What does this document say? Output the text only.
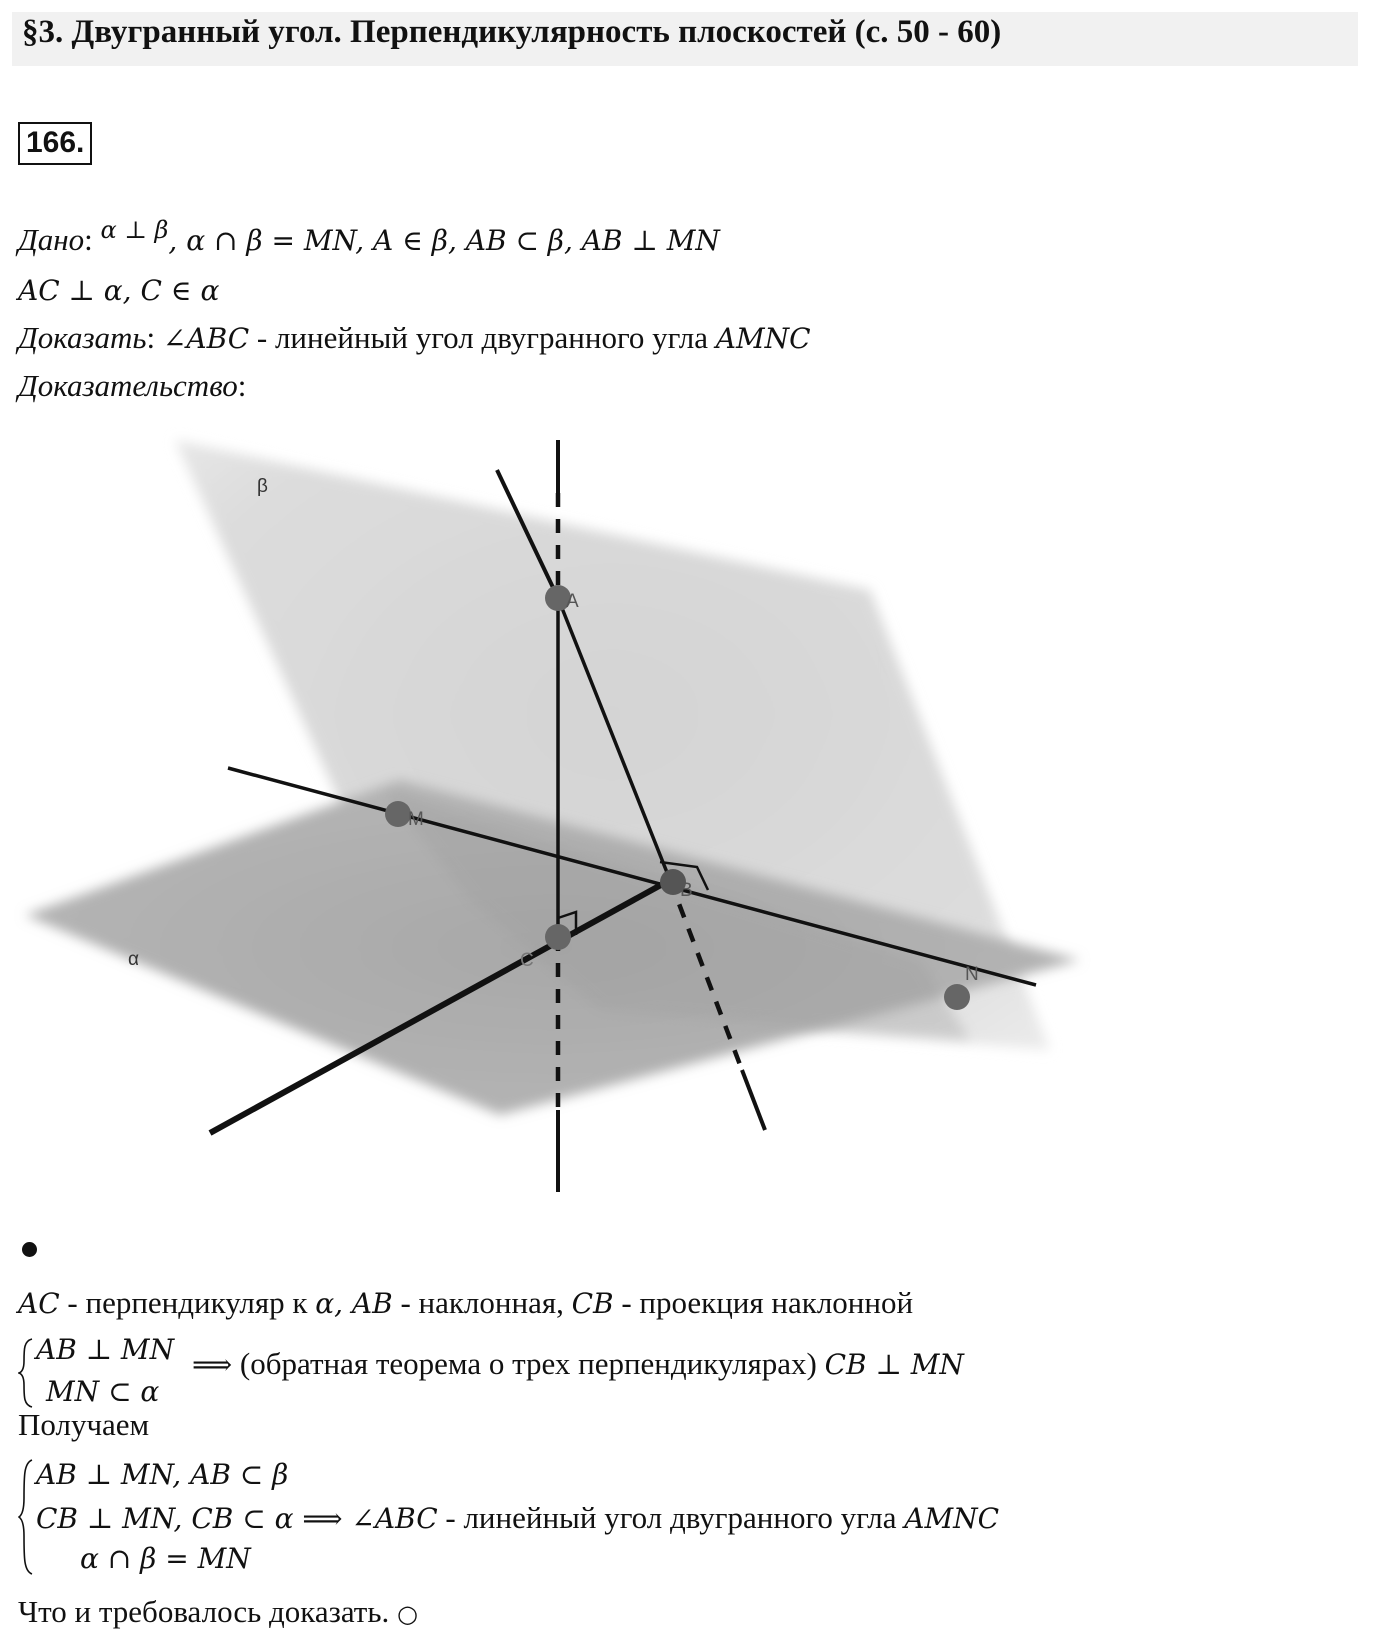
§3. Двугранный угол. Перпендикулярность плоскостей (с. 50 - 60)
166.
Дано: $^{\alpha \perp \beta}$, α ∩ β = MN, A ∈ β, AB ⊂ β, AB ⊥ MN
AC ⊥ α, C ∈ α
Доказать: ∠ABC - линейный угол двугранного угла AMNC
Доказательство:
β
α
A
M
B
C
N
AC - перпендикуляр к α, AB - наклонная, CB - проекция наклонной
AB ⊥ MN
MN ⊂ α
⟹ (обратная теорема о трех перпендикулярах) CB ⊥ MN
Получаем
AB ⊥ MN, AB ⊂ β
CB ⊥ MN, CB ⊂ α ⟹ ∠ABC - линейный угол двугранного угла AMNC
α ∩ β = MN
Что и требовалось доказать. ○
